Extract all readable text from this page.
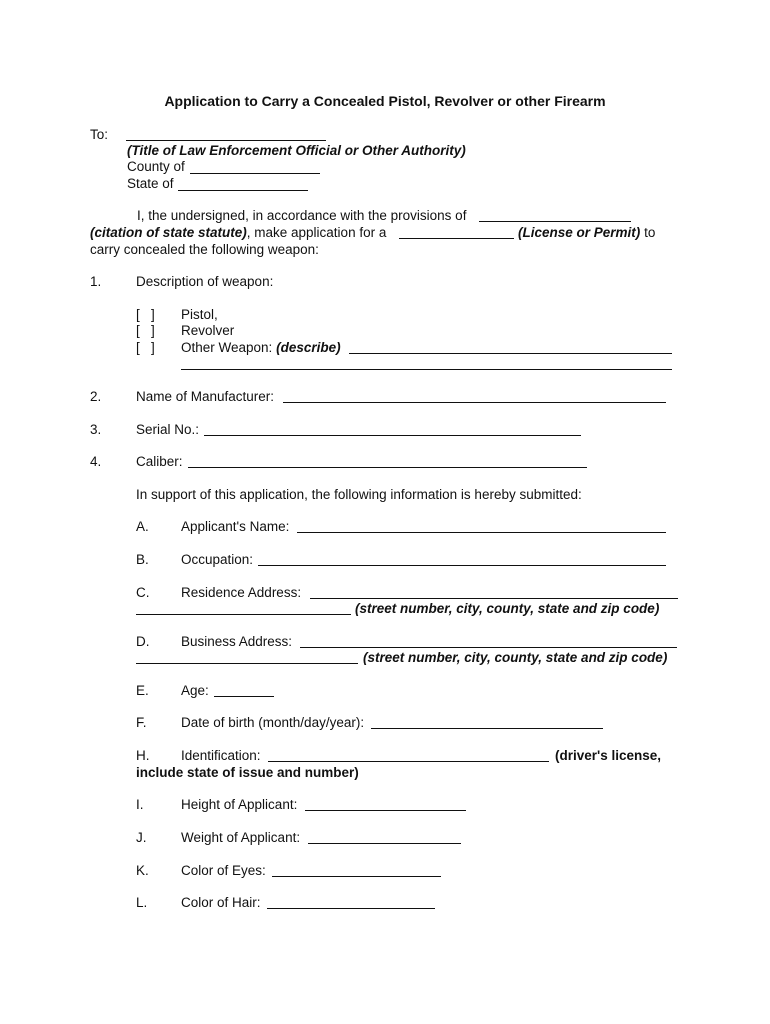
Application to Carry a Concealed Pistol, Revolver or other Firearm
To:
(Title of Law Enforcement Official or Other Authority)
County of
State of
I, the undersigned, in accordance with the provisions of
(citation of state statute), make application for a	(License or Permit) to
carry concealed the following weapon:
1.	Description of weapon:
[   ] Pistol,
[   ] Revolver
[   ] Other Weapon: (describe)
2.	Name of Manufacturer:
3.	Serial No.:
4.	Caliber:
In support of this application, the following information is hereby submitted:
A. Applicant's Name:
B. Occupation:
C. Residence Address:
(street number, city, county, state and zip code)
D. Business Address:
(street number, city, county, state and zip code)
E. Age:
F.	Date of birth (month/day/year):
H. Identification:	(driver's license,
include state of issue and number)
I.	Height of Applicant:
J.	Weight of Applicant:
K. Color of Eyes:
L. Color of Hair:
